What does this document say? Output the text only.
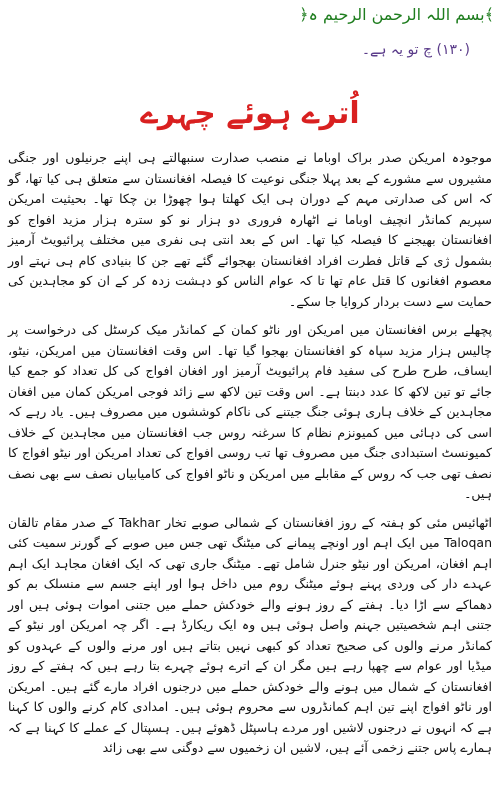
﴾بسم اللہ الرحمن الرحیم ہ﴿
(١٣٠) چ تو یہ ہے۔
اُترے ہوئے چہرے

موجودہ امریکن صدر براک اوباما نے منصب صدارت سنبھالتے ہی اپنے جرنیلوں اور جنگی مشیروں سے مشورے کے بعد پہلا جنگی نوعیت کا فیصلہ افغانستان سے متعلق ہی کیا تھا، گو کہ اس کی صدارتی مہم کے دوران ہی ایک کھلتا ہوا چھوڑا بن چکا تھا۔ بحیثیت امریکن سپریم کمانڈر انچیف اوباما نے اٹھارہ فروری دو ہزار نو کو سترہ ہزار مزید افواج کو افغانستان بھیجنے کا فیصلہ کیا تھا۔ اس کے بعد انتی ہی نفری میں مختلف پرائیویٹ آرمیز بشمول ژی کے قاتل فطرت افراد افغانستان بھجوائے گئے تھے جن کا بنیادی کام ہی نہتے اور معصوم افغانوں کا قتل عام تھا تا کہ عوام الناس کو دہشت زدہ کر کے ان کو مجاہدین کی حمایت سے دست بردار کروایا جا سکے۔

پچھلے برس افغانستان میں امریکن اور ناٹو کمان کے کمانڈر میک کرسٹل کی درخواست پر چالیس ہزار مزید سپاہ کو افغانستان بھجوا گیا تھا۔ اس وقت افغانستان میں امریکن، نیٹو، ایساف، طرح طرح کی سفید فام پرائیویٹ آرمیز اور افغان افواج کی کل تعداد کو جمع کیا جائے تو تین لاکھ کا عدد دبنتا ہے۔ اس وقت تین لاکھ سے زائد فوجی امریکن کمان میں افغان مجاہدین کے خلاف ہاری ہوئی جنگ جیتنے کی ناکام کوششوں میں مصروف ہیں۔ یاد رہے کہ اسی کی دہائی میں کمیونزم نظام کا سرغنہ روس جب افغانستان میں مجاہدین کے خلاف کمیونسٹ استبدادی جنگ میں مصروف تھا تب روسی افواج کی تعداد امریکن اور نیٹو افواج کا نصف تھی جب کہ روس کے مقابلے میں امریکن و ناٹو افواج کی کامیابیاں نصف سے بھی نصف ہیں۔

اٹھائیس مئی کو ہفتہ کے روز افغانستان کے شمالی صوبے تخار Takhar کے صدر مقام تالقان Taloqan میں ایک اہم اور اونچے پیمانے کی میٹنگ تھی جس میں صوبے کے گورنر سمیت کئی اہم افغان، امریکن اور نیٹو جنرل شامل تھے۔ میٹنگ جاری تھی کہ ایک افغان مجاہد ایک اہم عہدے دار کی وردی پہنے ہوئے میٹنگ روم میں داخل ہوا اور اپنے جسم سے منسلک بم کو دھماکے سے اڑا دیا۔ ہفتے کے روز ہونے والے خودکش حملے میں جتنی اموات ہوئی ہیں اور جتنی اہم شخصیتیں جہنم واصل ہوئی ہیں وہ ایک ریکارڈ ہے۔ اگر چہ امریکن اور نیٹو کے کمانڈر مرنے والوں کی صحیح تعداد کو کبھی نہیں بتاتے ہیں اور مرنے والوں کے عہدوں کو میڈیا اور عوام سے چھپا رہے ہیں مگر ان کے اترے ہوئے چہرے بتا رہے ہیں کہ ہفتے کے روز افغانستان کے شمال میں ہونے والے خودکش حملے میں درجنوں افراد مارے گئے ہیں۔ امریکن اور ناٹو افواج اپنے تین اہم کمانڈروں سے محروم ہوئی ہیں۔ امدادی کام کرنے والوں کا کہنا ہے کہ انہوں نے درجنوں لاشیں اور مردے ہاسپٹل ڈھوئے ہیں۔ ہسپتال کے عملے کا کہنا ہے کہ ہمارے پاس جتنے زخمی آئے ہیں، لاشیں ان زخمیوں سے دوگنی سے بھی زائد
